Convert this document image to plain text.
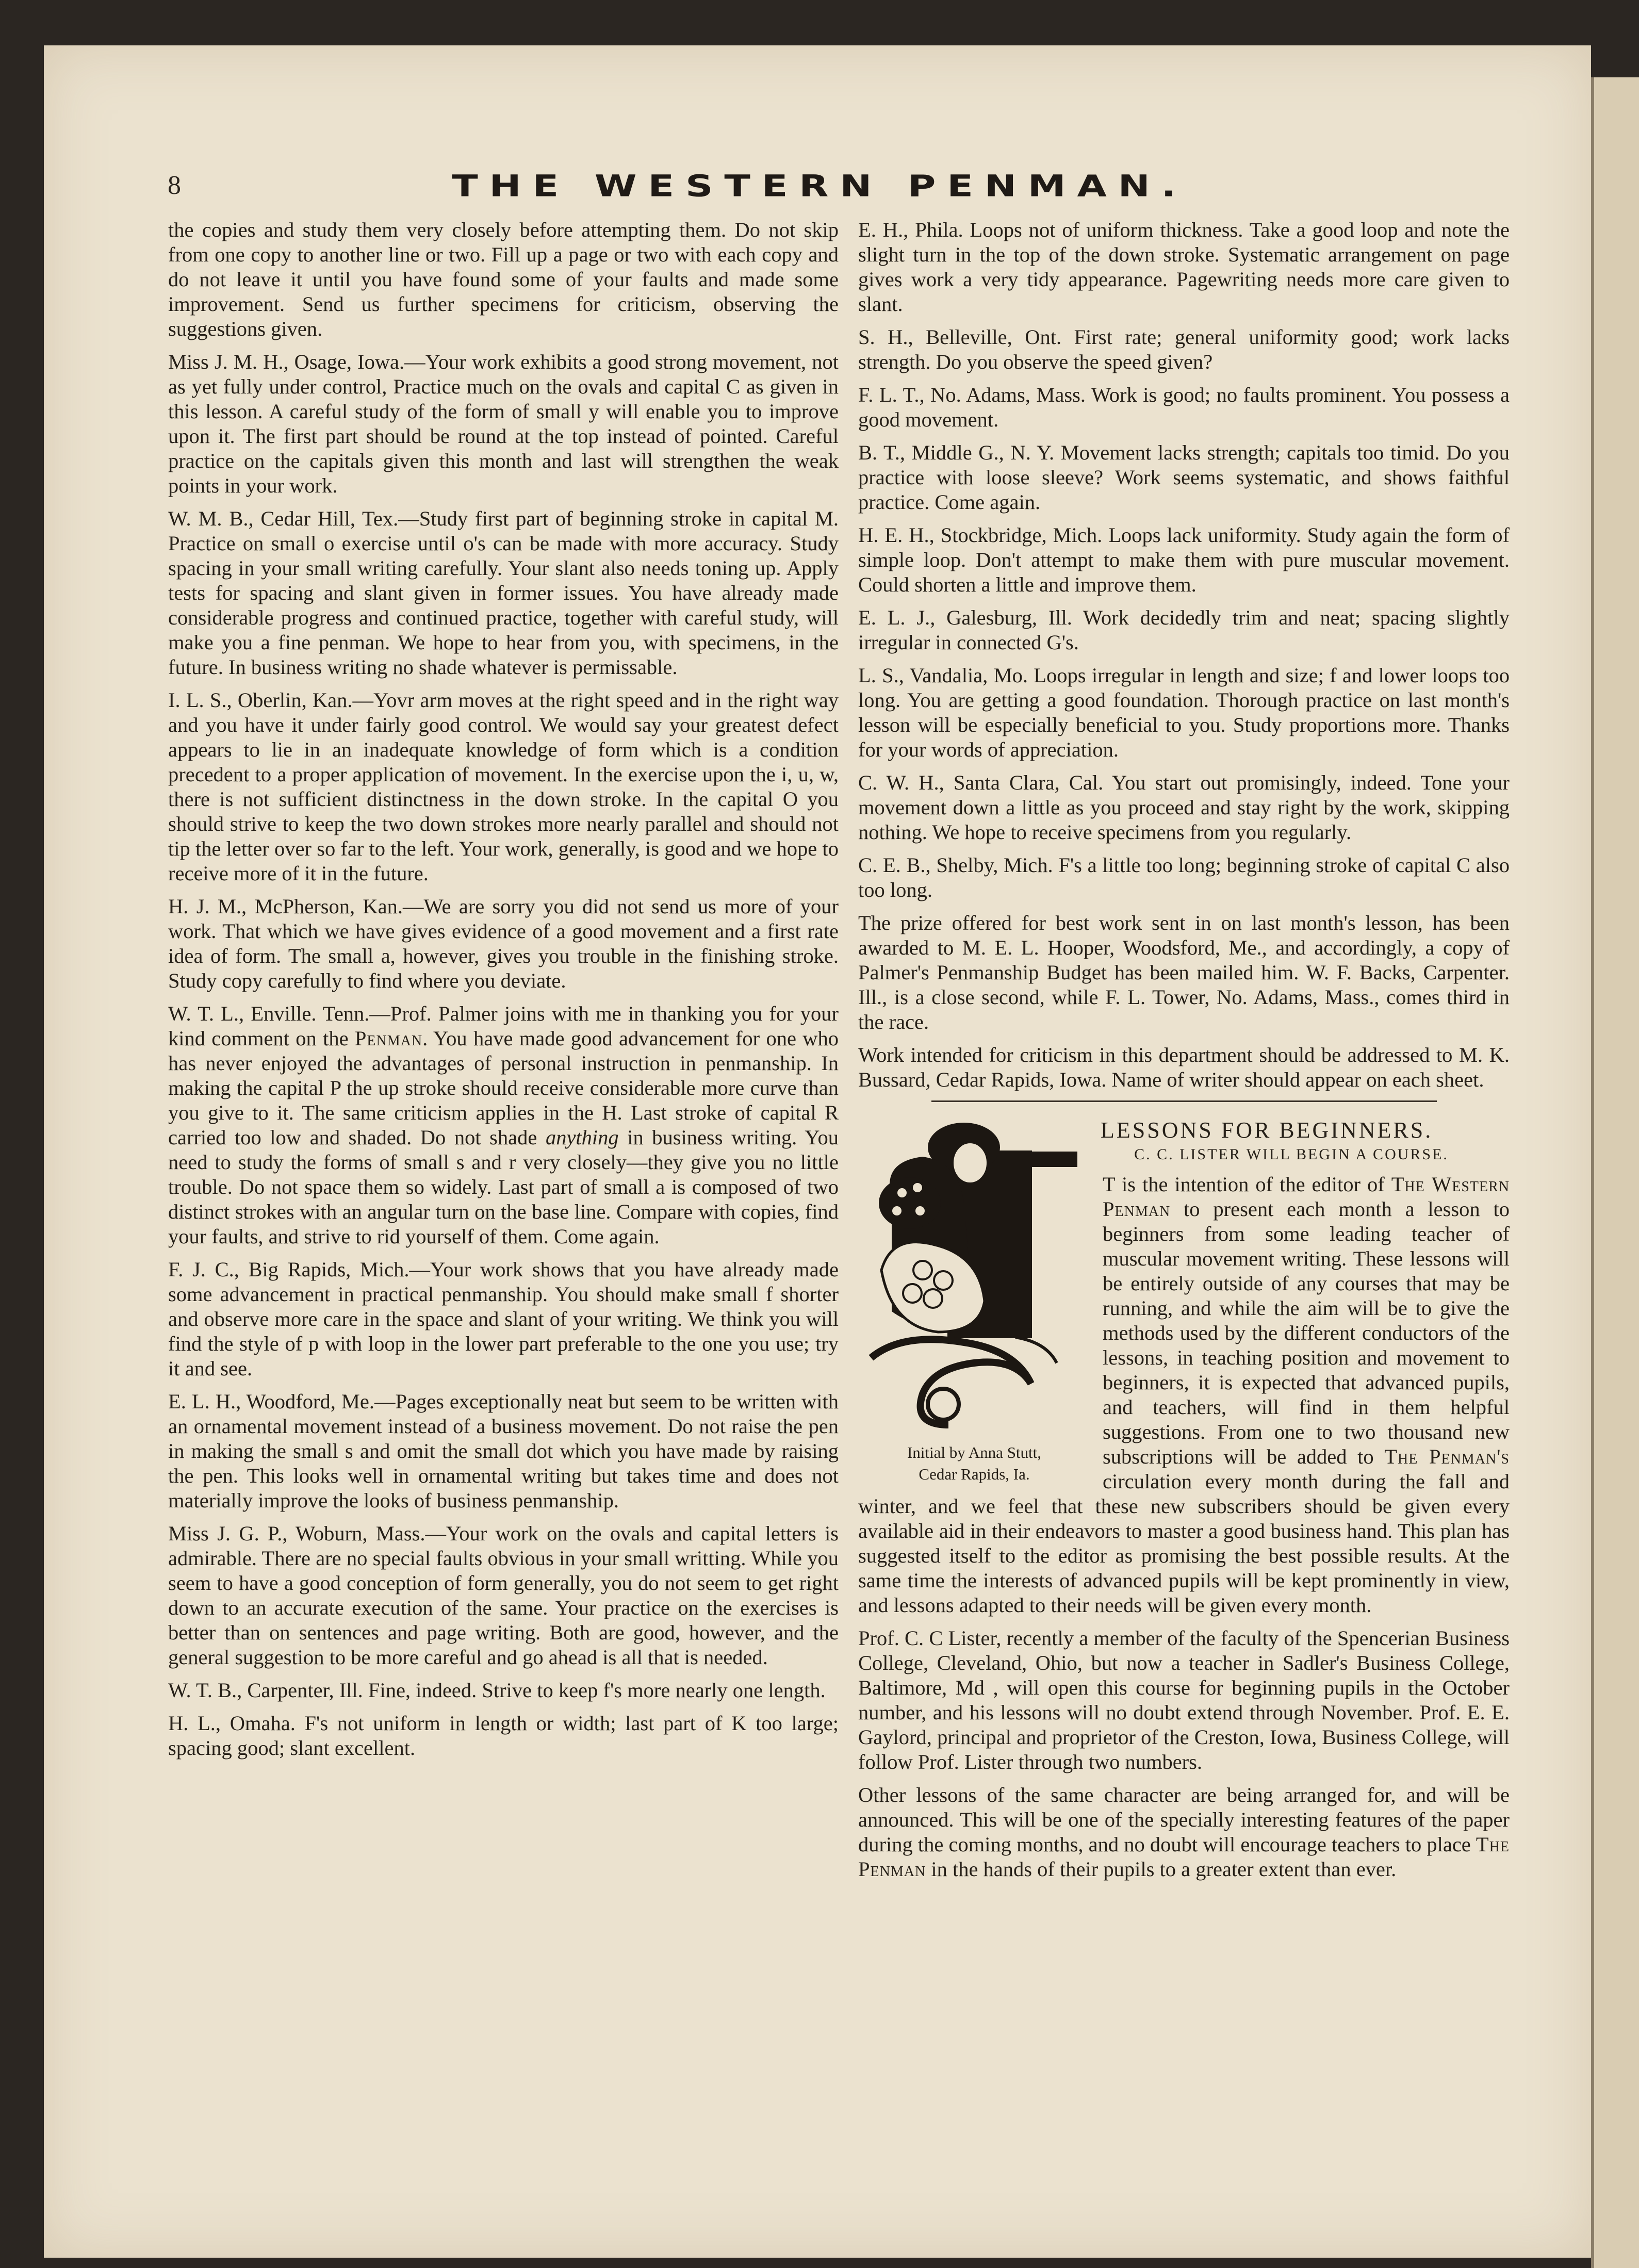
8	THE WESTERN PENMAN.

the copies and study them very closely before attempting them. Do not skip from one copy to another line or two. Fill up a page or two with each copy and do not leave it until you have found some of your faults and made some improvement. Send us further specimens for criticism, observing the suggestions given.

Miss J. M. H., Osage, Iowa.—Your work exhibits a good strong movement, not as yet fully under control, Practice much on the ovals and capital C as given in this lesson. A careful study of the form of small y will enable you to improve upon it. The first part should be round at the top instead of pointed. Careful practice on the capitals given this month and last will strengthen the weak points in your work.

W. M. B., Cedar Hill, Tex.—Study first part of beginning stroke in capital M. Practice on small o exercise until o's can be made with more accuracy. Study spacing in your small writing carefully. Your slant also needs toning up. Apply tests for spacing and slant given in former issues. You have already made considerable progress and continued practice, together with careful study, will make you a fine penman. We hope to hear from you, with specimens, in the future. In business writing no shade whatever is permissable.

I. L. S., Oberlin, Kan.—Yovr arm moves at the right speed and in the right way and you have it under fairly good control. We would say your greatest defect appears to lie in an inadequate knowledge of form which is a condition precedent to a proper application of movement. In the exercise upon the i, u, w, there is not sufficient distinctness in the down stroke. In the capital O you should strive to keep the two down strokes more nearly parallel and should not tip the letter over so far to the left. Your work, generally, is good and we hope to receive more of it in the future.

H. J. M., McPherson, Kan.—We are sorry you did not send us more of your work. That which we have gives evidence of a good movement and a first rate idea of form. The small a, however, gives you trouble in the finishing stroke. Study copy carefully to find where you deviate.

W. T. L., Enville. Tenn.—Prof. Palmer joins with me in thanking you for your kind comment on the Penman. You have made good advancement for one who has never enjoyed the advantages of personal instruction in penmanship. In making the capital P the up stroke should receive considerable more curve than you give to it. The same criticism applies in the H. Last stroke of capital R carried too low and shaded. Do not shade anything in business writing. You need to study the forms of small s and r very closely—they give you no little trouble. Do not space them so widely. Last part of small a is composed of two distinct strokes with an angular turn on the base line. Compare with copies, find your faults, and strive to rid yourself of them. Come again.

F. J. C., Big Rapids, Mich.—Your work shows that you have already made some advancement in practical penmanship. You should make small f shorter and observe more care in the space and slant of your writing. We think you will find the style of p with loop in the lower part preferable to the one you use; try it and see.

E. L. H., Woodford, Me.—Pages exceptionally neat but seem to be written with an ornamental movement instead of a business movement. Do not raise the pen in making the small s and omit the small dot which you have made by raising the pen. This looks well in ornamental writing but takes time and does not materially improve the looks of business penmanship.

Miss J. G. P., Woburn, Mass.—Your work on the ovals and capital letters is admirable. There are no special faults obvious in your small writting. While you seem to have a good conception of form generally, you do not seem to get right down to an accurate execution of the same. Your practice on the exercises is better than on sentences and page writing. Both are good, however, and the general suggestion to be more careful and go ahead is all that is needed.

W. T. B., Carpenter, Ill. Fine, indeed. Strive to keep f's more nearly one length.

H. L., Omaha. F's not uniform in length or width; last part of K too large; spacing good; slant excellent.

E. H., Phila. Loops not of uniform thickness. Take a good loop and note the slight turn in the top of the down stroke. Systematic arrangement on page gives work a very tidy appearance. Pagewriting needs more care given to slant.

S. H., Belleville, Ont. First rate; general uniformity good; work lacks strength. Do you observe the speed given?

F. L. T., No. Adams, Mass. Work is good; no faults prominent. You possess a good movement.

B. T., Middle G., N. Y. Movement lacks strength; capitals too timid. Do you practice with loose sleeve? Work seems systematic, and shows faithful practice. Come again.

H. E. H., Stockbridge, Mich. Loops lack uniformity. Study again the form of simple loop. Don't attempt to make them with pure muscular movement. Could shorten a little and improve them.

E. L. J., Galesburg, Ill. Work decidedly trim and neat; spacing slightly irregular in connected G's.

L. S., Vandalia, Mo. Loops irregular in length and size; f and lower loops too long. You are getting a good foundation. Thorough practice on last month's lesson will be especially beneficial to you. Study proportions more. Thanks for your words of appreciation.

C. W. H., Santa Clara, Cal. You start out promisingly, indeed. Tone your movement down a little as you proceed and stay right by the work, skipping nothing. We hope to receive specimens from you regularly.

C. E. B., Shelby, Mich. F's a little too long; beginning stroke of capital C also too long.

The prize offered for best work sent in on last month's lesson, has been awarded to M. E. L. Hooper, Woodsford, Me., and accordingly, a copy of Palmer's Penmanship Budget has been mailed him. W. F. Backs, Carpenter. Ill., is a close second, while F. L. Tower, No. Adams, Mass., comes third in the race.

Work intended for criticism in this department should be addressed to M. K. Bussard, Cedar Rapids, Iowa. Name of writer should appear on each sheet.

LESSONS FOR BEGINNERS.
C. C. LISTER WILL BEGIN A COURSE.
Initial by Anna Stutt,
Cedar Rapids, Ia.

T is the intention of the editor of The Western Penman to present each month a lesson to beginners from some leading teacher of muscular movement writing. These lessons will be entirely outside of any courses that may be running, and while the aim will be to give the methods used by the different conductors of the lessons, in teaching position and movement to beginners, it is expected that advanced pupils, and teachers, will find in them helpful suggestions. From one to two thousand new subscriptions will be added to The Penman's circulation every month during the fall and winter, and we feel that these new subscribers should be given every available aid in their endeavors to master a good business hand. This plan has suggested itself to the editor as promising the best possible results. At the same time the interests of advanced pupils will be kept prominently in view, and lessons adapted to their needs will be given every month.

Prof. C. C Lister, recently a member of the faculty of the Spencerian Business College, Cleveland, Ohio, but now a teacher in Sadler's Business College, Baltimore, Md , will open this course for beginning pupils in the October number, and his lessons will no doubt extend through November. Prof. E. E. Gaylord, principal and proprietor of the Creston, Iowa, Business College, will follow Prof. Lister through two numbers.

Other lessons of the same character are being arranged for, and will be announced. This will be one of the specially interesting features of the paper during the coming months, and no doubt will encourage teachers to place The Penman in the hands of their pupils to a greater extent than ever.
